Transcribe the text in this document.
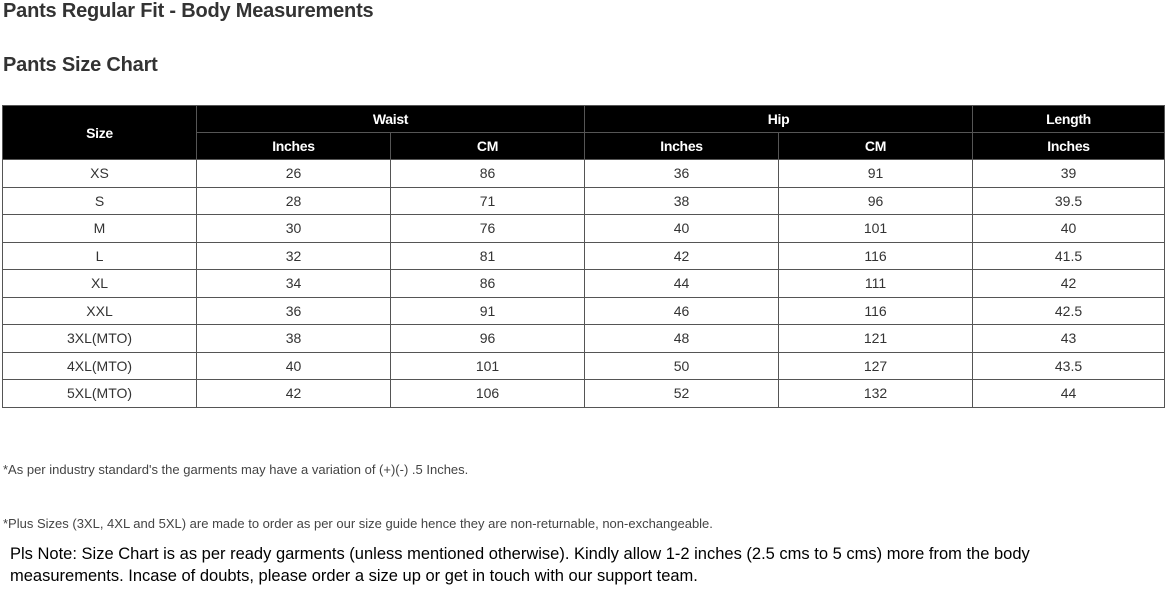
Pants Regular Fit - Body Measurements
Pants Size Chart
Size	Waist		Hip		Length
	Inches	CM	Inches	CM	Inches
XS	26	86	36	91	39
S	28	71	38	96	39.5
M	30	76	40	101	40
L	32	81	42	116	41.5
XL	34	86	44	111	42
XXL	36	91	46	116	42.5
3XL(MTO)	38	96	48	121	43
4XL(MTO)	40	101	50	127	43.5
5XL(MTO)	42	106	52	132	44
*As per industry standard's the garments may have a variation of (+)(-) .5 Inches.
*Plus Sizes (3XL, 4XL and 5XL) are made to order as per our size guide hence they are non-returnable, non-exchangeable.
Pls Note: Size Chart is as per ready garments (unless mentioned otherwise). Kindly allow 1-2 inches (2.5 cms to 5 cms) more from the body measurements. Incase of doubts, please order a size up or get in touch with our support team.
